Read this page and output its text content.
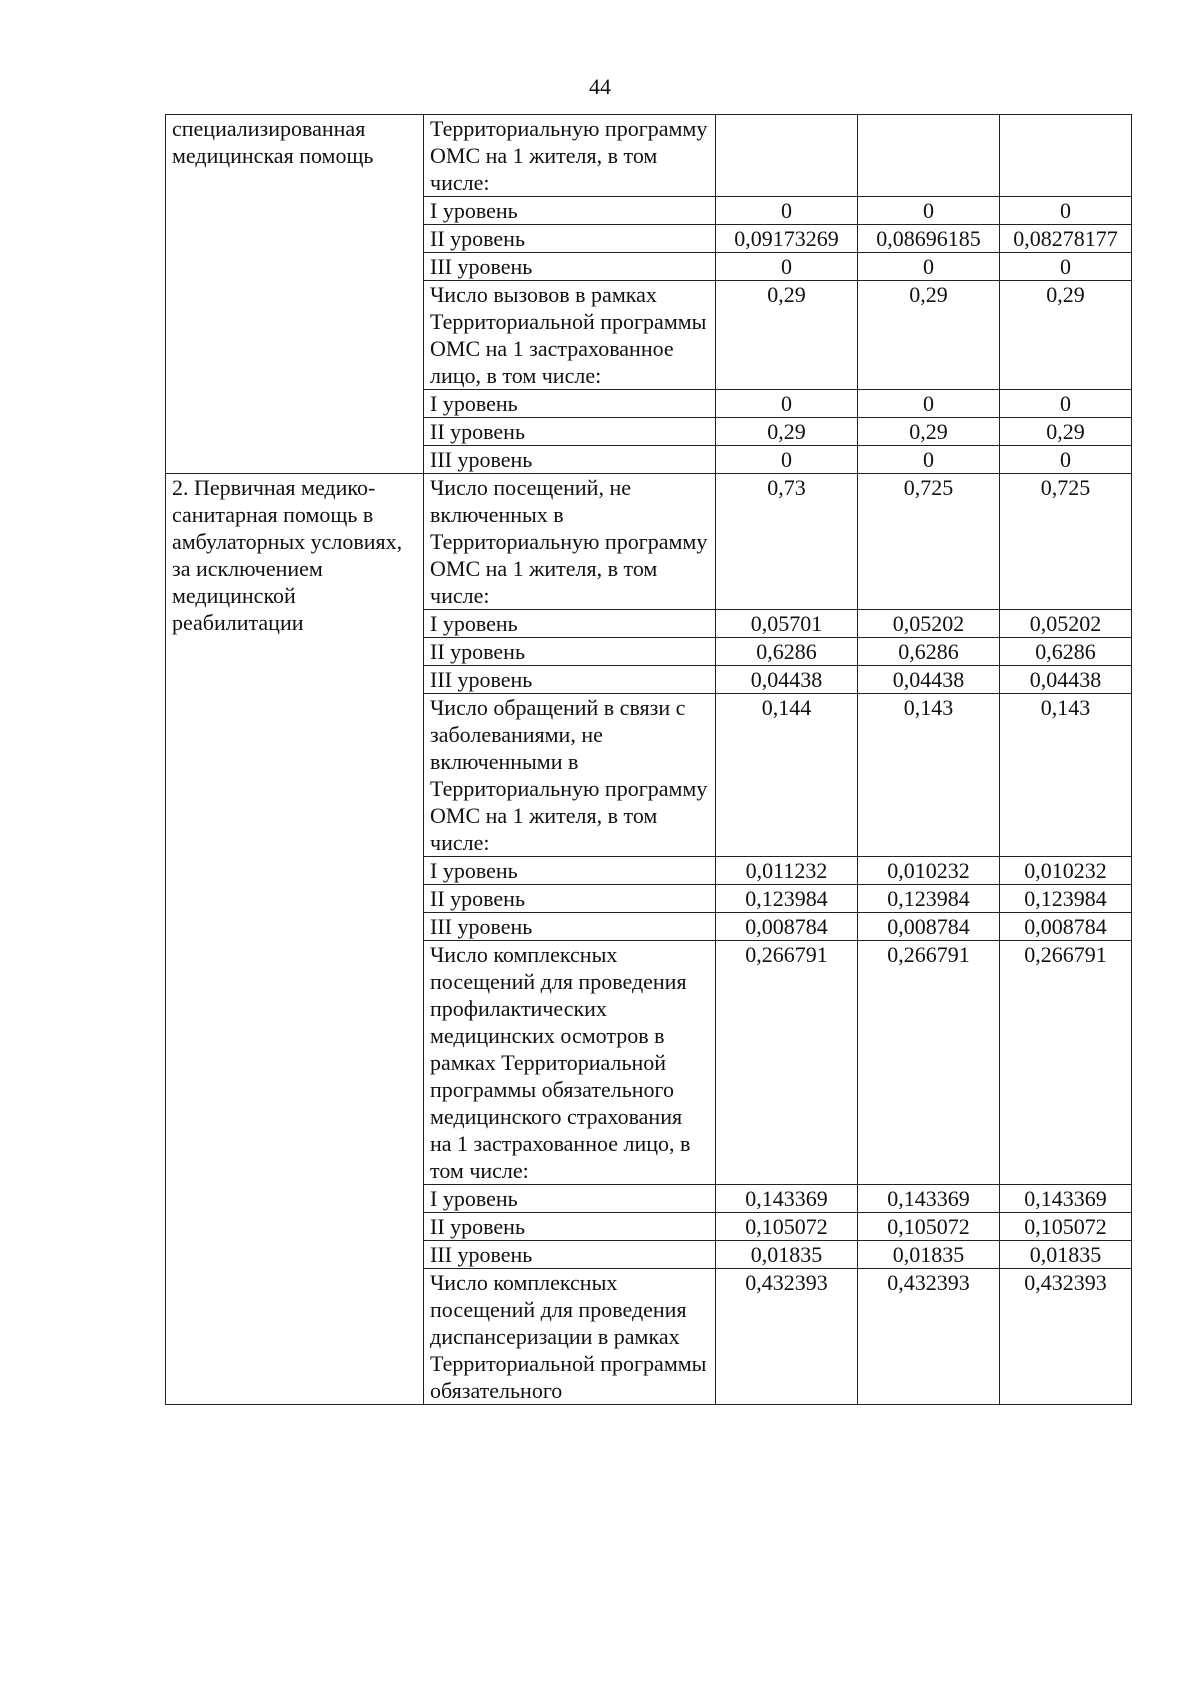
44
специализированная медицинская помощь	Территориальную программу ОМС на 1 жителя, в том числе:			
	I уровень	0	0	0
	II уровень	0,09173269	0,08696185	0,08278177
	III уровень	0	0	0
	Число вызовов в рамках Территориальной программы ОМС на 1 застрахованное лицо, в том числе:	0,29	0,29	0,29
	I уровень	0	0	0
	II уровень	0,29	0,29	0,29
	III уровень	0	0	0
2. Первичная медико-санитарная помощь в амбулаторных условиях, за исключением медицинской реабилитации	Число посещений, не включенных в Территориальную программу ОМС на 1 жителя, в том числе:	0,73	0,725	0,725
	I уровень	0,05701	0,05202	0,05202
	II уровень	0,6286	0,6286	0,6286
	III уровень	0,04438	0,04438	0,04438
	Число обращений в связи с заболеваниями, не включенными в Территориальную программу ОМС на 1 жителя, в том числе:	0,144	0,143	0,143
	I уровень	0,011232	0,010232	0,010232
	II уровень	0,123984	0,123984	0,123984
	III уровень	0,008784	0,008784	0,008784
	Число комплексных посещений для проведения профилактических медицинских осмотров в рамках Территориальной программы обязательного медицинского страхования на 1 застрахованное лицо, в том числе:	0,266791	0,266791	0,266791
	I уровень	0,143369	0,143369	0,143369
	II уровень	0,105072	0,105072	0,105072
	III уровень	0,01835	0,01835	0,01835
	Число комплексных посещений для проведения диспансеризации в рамках Территориальной программы обязательного	0,432393	0,432393	0,432393
